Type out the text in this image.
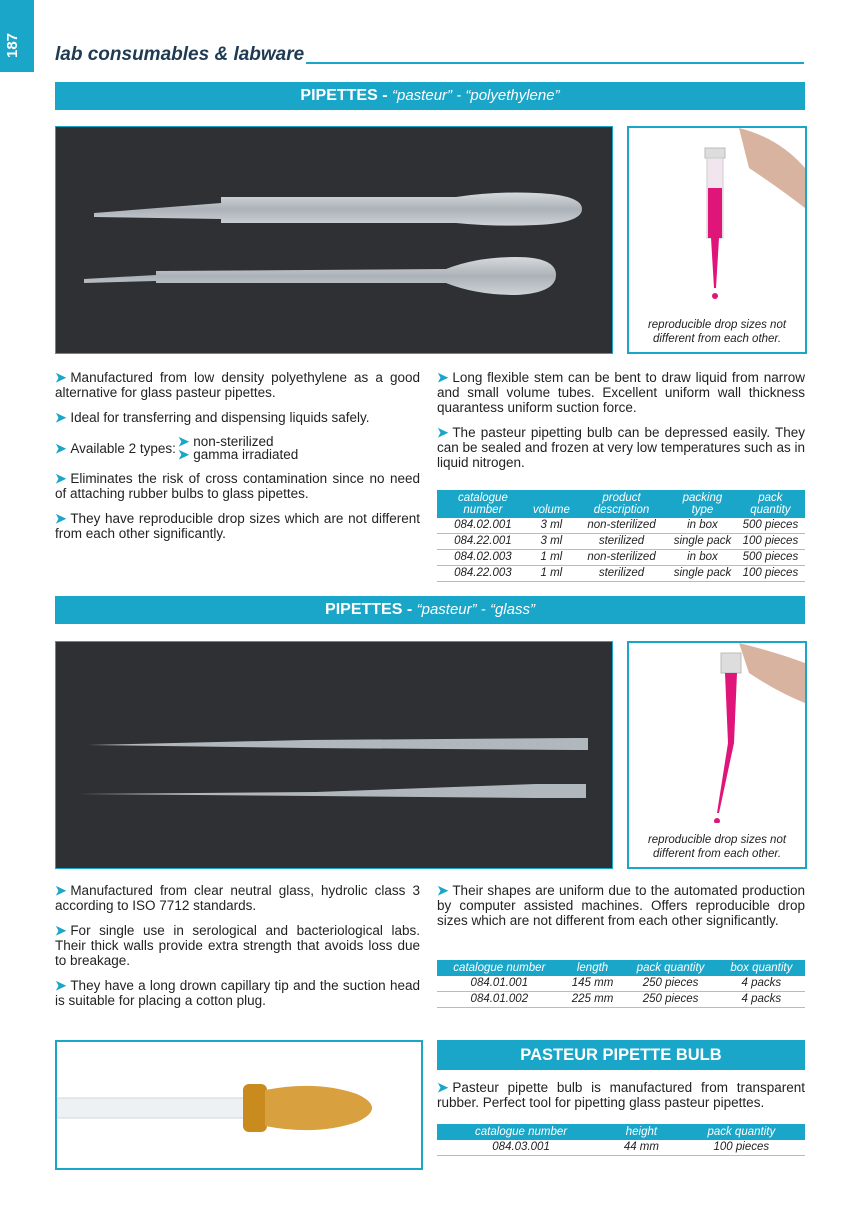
187 lab consumables & labware
PIPETTES - “pasteur” - “polyethylene”
reproducible drop sizes not different from each other.

➤ Manufactured from low density polyethylene as a good alternative for glass pasteur pipettes.

➤ Ideal for transferring and dispensing liquids safely.

➤ Available 2 types: ➤ non-sterilized
➤ gamma irradiated

➤ Eliminates the risk of cross contamination since no need of attaching rubber bulbs to glass pipettes.

➤ They have reproducible drop sizes which are not different from each other significantly.

➤ Long flexible stem can be bent to draw liquid from narrow and small volume tubes. Excellent uniform wall thickness quarantess uniform suction force.

➤ The pasteur pipetting bulb can be depressed easily. They can be sealed and frozen at very low temperatures such as in liquid nitrogen.

catalogue number	volume	product description	packing type	pack quantity
084.02.001	3 ml	non-sterilized	in box	500 pieces
084.22.001	3 ml	sterilized	single pack	100 pieces
084.02.003	1 ml	non-sterilized	in box	500 pieces
084.22.003	1 ml	sterilized	single pack	100 pieces
PIPETTES - “pasteur” - “glass”
reproducible drop sizes not different from each other.

➤ Manufactured from clear neutral glass, hydrolic class 3 according to ISO 7712 standards.

➤ For single use in serological and bacteriological labs. Their thick walls provide extra strength that avoids loss due to breakage.

➤ They have a long drown capillary tip and the suction head is suitable for placing a cotton plug.

➤ Their shapes are uniform due to the automated production by computer assisted machines. Offers reproducible drop sizes which are not different from each other significantly.

catalogue number	length	pack quantity	box quantity
084.01.001	145 mm	250 pieces	4 packs
084.01.002	225 mm	250 pieces	4 packs
PASTEUR PIPETTE BULB

➤ Pasteur pipette bulb is manufactured from transparent rubber. Perfect tool for pipetting glass pasteur pipettes.

catalogue number	height	pack quantity
084.03.001	44 mm	100 pieces
